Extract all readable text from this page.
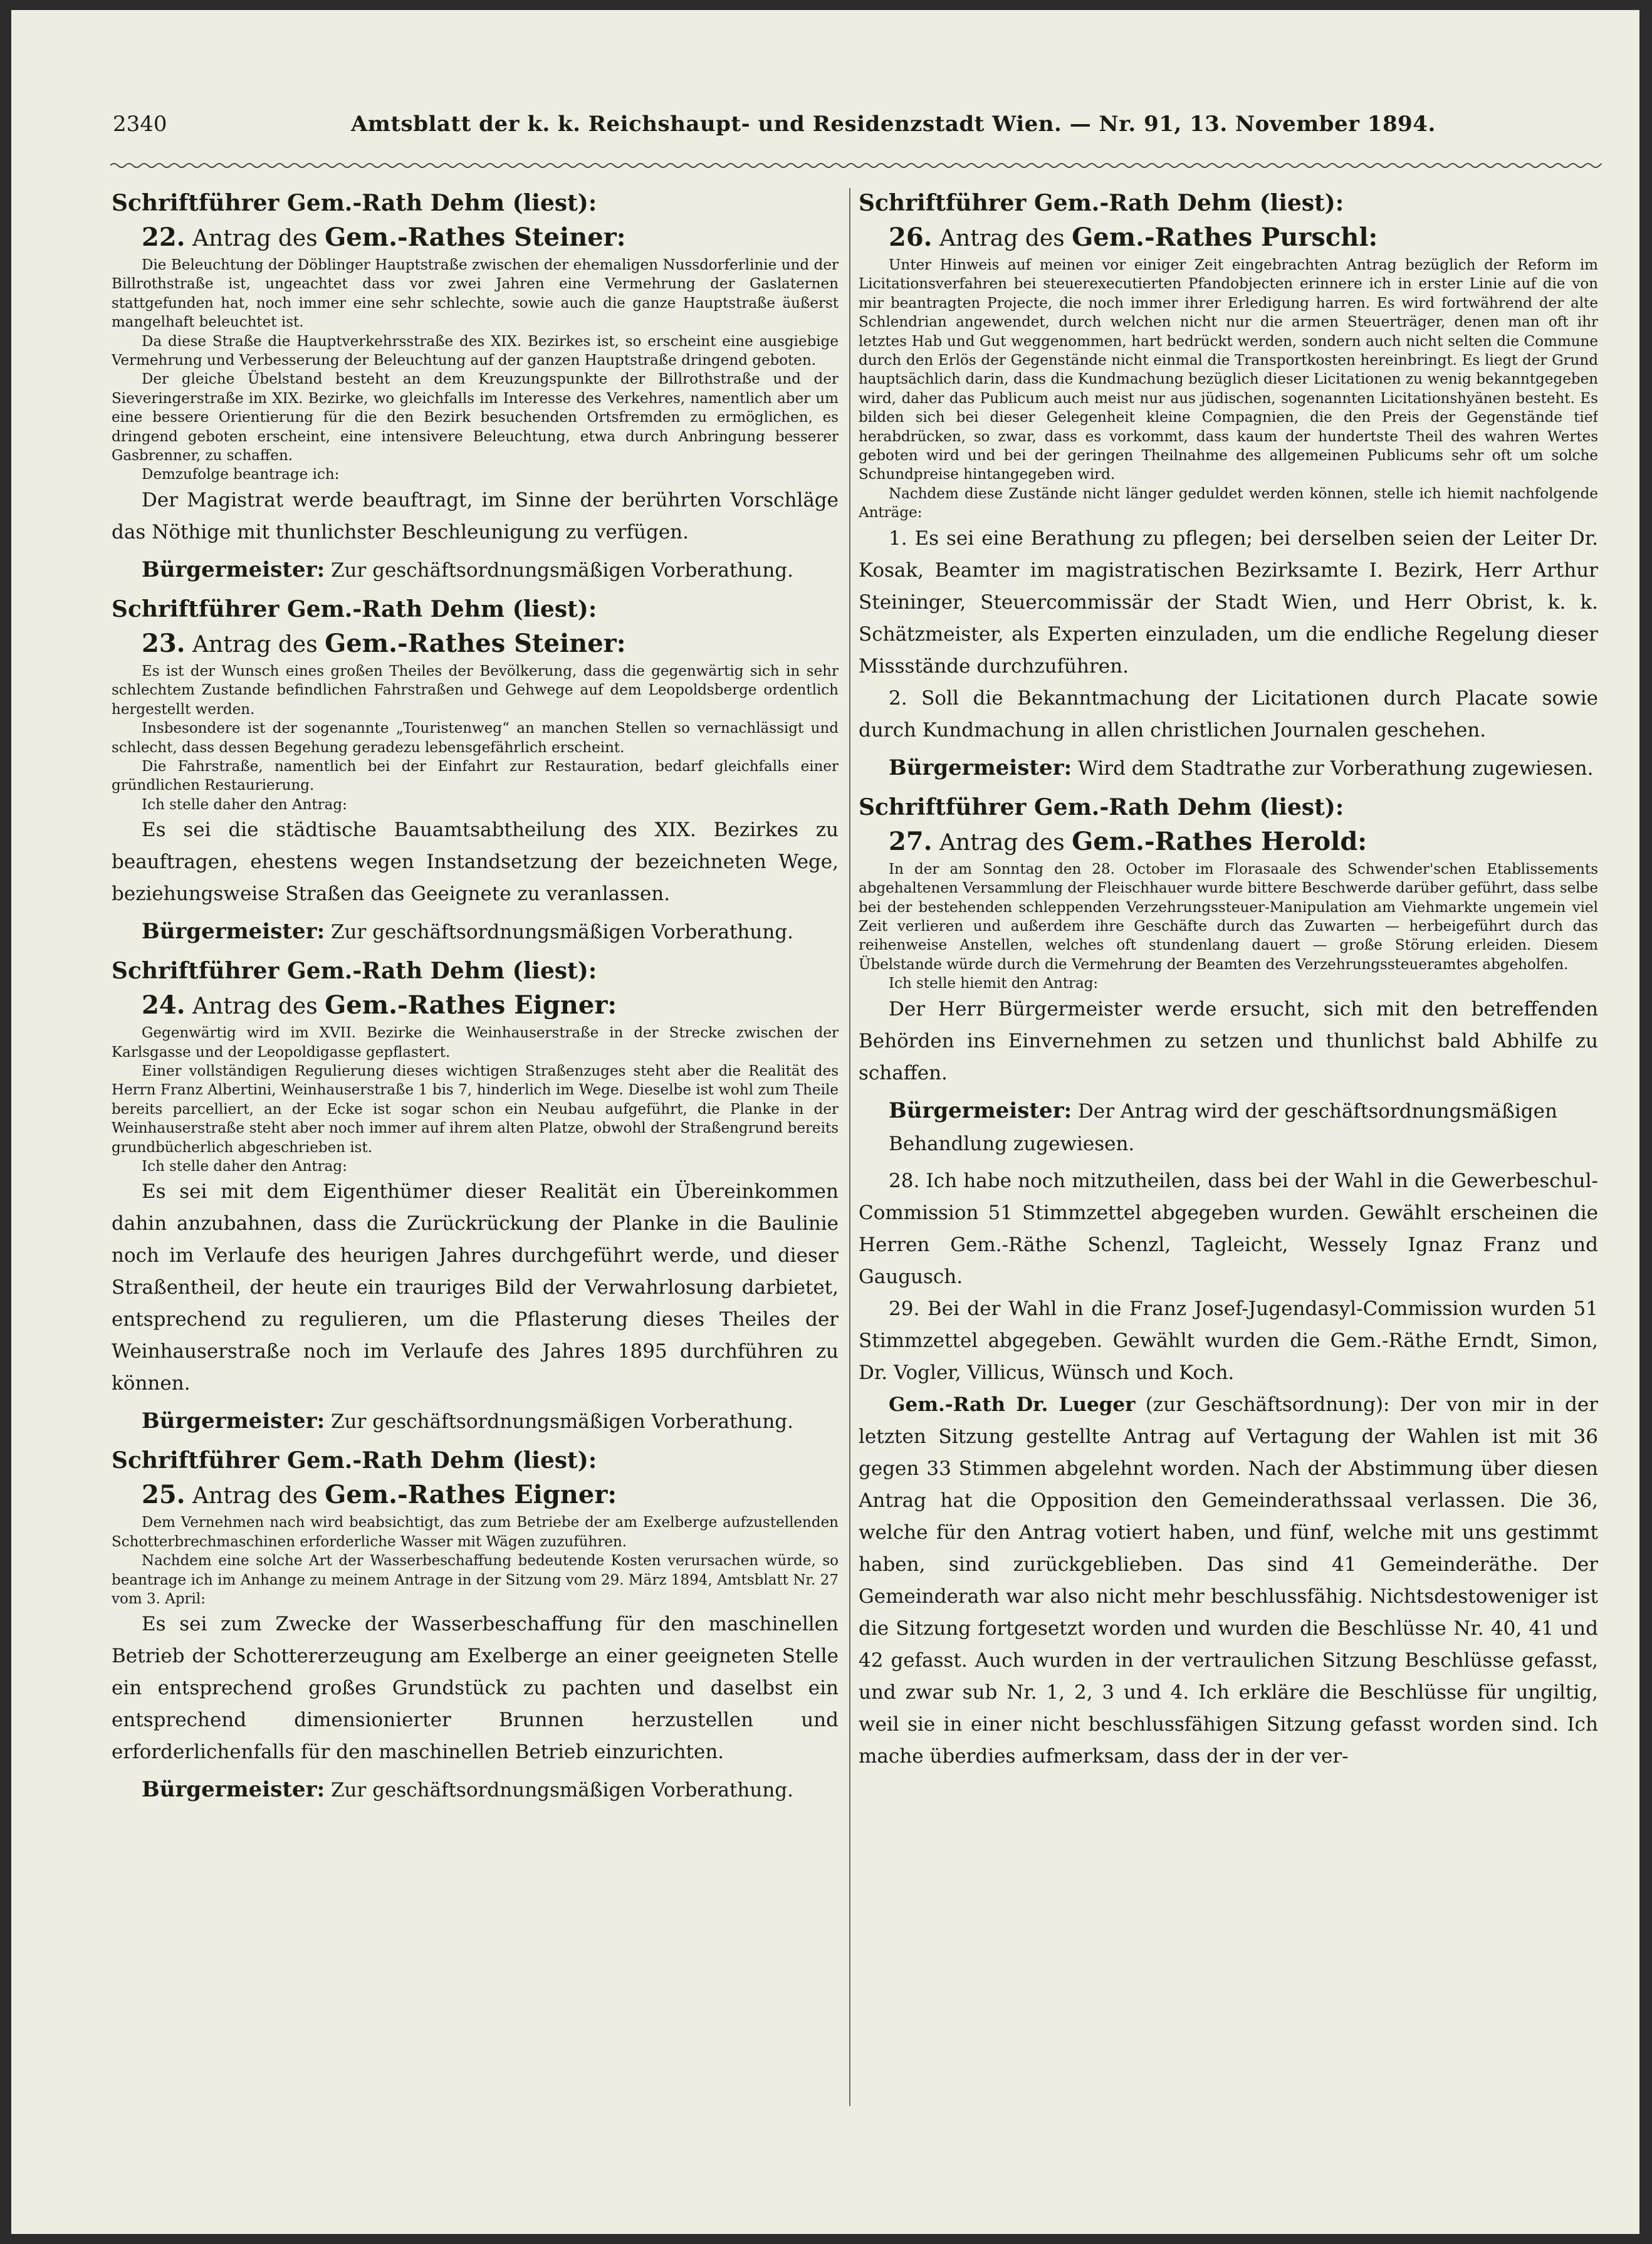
2340	Amtsblatt der k. k. Reichshaupt- und Residenzstadt Wien. — Nr. 91, 13. November 1894.
Schriftführer Gem.-Rath Dehm (liest):
22. Antrag des Gem.-Rathes Steiner:

Die Beleuchtung der Döblinger Hauptstraße zwischen der ehemaligen Nussdorferlinie und der Billrothstraße ist, ungeachtet dass vor zwei Jahren eine Vermehrung der Gaslaternen stattgefunden hat, noch immer eine sehr schlechte, sowie auch die ganze Hauptstraße äußerst mangelhaft beleuchtet ist.

Da diese Straße die Hauptverkehrsstraße des XIX. Bezirkes ist, so erscheint eine ausgiebige Vermehrung und Verbesserung der Beleuchtung auf der ganzen Hauptstraße dringend geboten.

Der gleiche Übelstand besteht an dem Kreuzungspunkte der Billrothstraße und der Sieveringerstraße im XIX. Bezirke, wo gleichfalls im Interesse des Verkehres, namentlich aber um eine bessere Orientierung für die den Bezirk besuchenden Ortsfremden zu ermöglichen, es dringend geboten erscheint, eine intensivere Beleuchtung, etwa durch Anbringung besserer Gasbrenner, zu schaffen.

Demzufolge beantrage ich:

Der Magistrat werde beauftragt, im Sinne der berührten Vorschläge das Nöthige mit thunlichster Beschleunigung zu verfügen.

Bürgermeister: Zur geschäftsordnungsmäßigen Vorberathung.
Schriftführer Gem.-Rath Dehm (liest):
23. Antrag des Gem.-Rathes Steiner:

Es ist der Wunsch eines großen Theiles der Bevölkerung, dass die gegenwärtig sich in sehr schlechtem Zustande befindlichen Fahrstraßen und Gehwege auf dem Leopoldsberge ordentlich hergestellt werden.

Insbesondere ist der sogenannte „Touristenweg“ an manchen Stellen so vernachlässigt und schlecht, dass dessen Begehung geradezu lebensgefährlich erscheint.

Die Fahrstraße, namentlich bei der Einfahrt zur Restauration, bedarf gleichfalls einer gründlichen Restaurierung.

Ich stelle daher den Antrag:

Es sei die städtische Bauamtsabtheilung des XIX. Bezirkes zu beauftragen, ehestens wegen Instandsetzung der bezeichneten Wege, beziehungsweise Straßen das Geeignete zu veranlassen.

Bürgermeister: Zur geschäftsordnungsmäßigen Vorberathung.
Schriftführer Gem.-Rath Dehm (liest):
24. Antrag des Gem.-Rathes Eigner:

Gegenwärtig wird im XVII. Bezirke die Weinhauserstraße in der Strecke zwischen der Karlsgasse und der Leopoldigasse gepflastert.

Einer vollständigen Regulierung dieses wichtigen Straßenzuges steht aber die Realität des Herrn Franz Albertini, Weinhauserstraße 1 bis 7, hinderlich im Wege. Dieselbe ist wohl zum Theile bereits parcelliert, an der Ecke ist sogar schon ein Neubau aufgeführt, die Planke in der Weinhauserstraße steht aber noch immer auf ihrem alten Platze, obwohl der Straßengrund bereits grundbücherlich abgeschrieben ist.

Ich stelle daher den Antrag:

Es sei mit dem Eigenthümer dieser Realität ein Übereinkommen dahin anzubahnen, dass die Zurückrückung der Planke in die Baulinie noch im Verlaufe des heurigen Jahres durchgeführt werde, und dieser Straßentheil, der heute ein trauriges Bild der Verwahrlosung darbietet, entsprechend zu regulieren, um die Pflasterung dieses Theiles der Weinhauserstraße noch im Verlaufe des Jahres 1895 durchführen zu können.

Bürgermeister: Zur geschäftsordnungsmäßigen Vorberathung.
Schriftführer Gem.-Rath Dehm (liest):
25. Antrag des Gem.-Rathes Eigner:

Dem Vernehmen nach wird beabsichtigt, das zum Betriebe der am Exelberge aufzustellenden Schotterbrechmaschinen erforderliche Wasser mit Wägen zuzuführen.

Nachdem eine solche Art der Wasserbeschaffung bedeutende Kosten verursachen würde, so beantrage ich im Anhange zu meinem Antrage in der Sitzung vom 29. März 1894, Amtsblatt Nr. 27 vom 3. April:

Es sei zum Zwecke der Wasserbeschaffung für den maschinellen Betrieb der Schottererzeugung am Exelberge an einer geeigneten Stelle ein entsprechend großes Grundstück zu pachten und daselbst ein entsprechend dimensionierter Brunnen herzustellen und erforderlichenfalls für den maschinellen Betrieb einzurichten.

Bürgermeister: Zur geschäftsordnungsmäßigen Vorberathung.
Schriftführer Gem.-Rath Dehm (liest):
26. Antrag des Gem.-Rathes Purschl:

Unter Hinweis auf meinen vor einiger Zeit eingebrachten Antrag bezüglich der Reform im Licitationsverfahren bei steuerexecutierten Pfandobjecten erinnere ich in erster Linie auf die von mir beantragten Projecte, die noch immer ihrer Erledigung harren. Es wird fortwährend der alte Schlendrian angewendet, durch welchen nicht nur die armen Steuerträger, denen man oft ihr letztes Hab und Gut weggenommen, hart bedrückt werden, sondern auch nicht selten die Commune durch den Erlös der Gegenstände nicht einmal die Transportkosten hereinbringt. Es liegt der Grund hauptsächlich darin, dass die Kundmachung bezüglich dieser Licitationen zu wenig bekanntgegeben wird, daher das Publicum auch meist nur aus jüdischen, sogenannten Licitationshyänen besteht. Es bilden sich bei dieser Gelegenheit kleine Compagnien, die den Preis der Gegenstände tief herabdrücken, so zwar, dass es vorkommt, dass kaum der hundertste Theil des wahren Wertes geboten wird und bei der geringen Theilnahme des allgemeinen Publicums sehr oft um solche Schundpreise hintangegeben wird.

Nachdem diese Zustände nicht länger geduldet werden können, stelle ich hiemit nachfolgende Anträge:

1. Es sei eine Berathung zu pflegen; bei derselben seien der Leiter Dr. Kosak, Beamter im magistratischen Bezirksamte I. Bezirk, Herr Arthur Steininger, Steuercommissär der Stadt Wien, und Herr Obrist, k. k. Schätzmeister, als Experten einzuladen, um die endliche Regelung dieser Missstände durchzuführen.

2. Soll die Bekanntmachung der Licitationen durch Placate sowie durch Kundmachung in allen christlichen Journalen geschehen.

Bürgermeister: Wird dem Stadtrathe zur Vorberathung zugewiesen.
Schriftführer Gem.-Rath Dehm (liest):
27. Antrag des Gem.-Rathes Herold:

In der am Sonntag den 28. October im Florasaale des Schwender'schen Etablissements abgehaltenen Versammlung der Fleischhauer wurde bittere Beschwerde darüber geführt, dass selbe bei der bestehenden schleppenden Verzehrungssteuer-Manipulation am Viehmarkte ungemein viel Zeit verlieren und außerdem ihre Geschäfte durch das Zuwarten — herbeigeführt durch das reihenweise Anstellen, welches oft stundenlang dauert — große Störung erleiden. Diesem Übelstande würde durch die Vermehrung der Beamten des Verzehrungssteueramtes abgeholfen.

Ich stelle hiemit den Antrag:

Der Herr Bürgermeister werde ersucht, sich mit den betreffenden Behörden ins Einvernehmen zu setzen und thunlichst bald Abhilfe zu schaffen.

Bürgermeister: Der Antrag wird der geschäftsordnungsmäßigen Behandlung zugewiesen.

28. Ich habe noch mitzutheilen, dass bei der Wahl in die Gewerbeschul-Commission 51 Stimmzettel abgegeben wurden. Gewählt erscheinen die Herren Gem.-Räthe Schenzl, Tagleicht, Wessely Ignaz Franz und Gaugusch.

29. Bei der Wahl in die Franz Josef-Jugendasyl-Commission wurden 51 Stimmzettel abgegeben. Gewählt wurden die Gem.-Räthe Erndt, Simon, Dr. Vogler, Villicus, Wünsch und Koch.

Gem.-Rath Dr. Lueger (zur Geschäftsordnung): Der von mir in der letzten Sitzung gestellte Antrag auf Vertagung der Wahlen ist mit 36 gegen 33 Stimmen abgelehnt worden. Nach der Abstimmung über diesen Antrag hat die Opposition den Gemeinderathssaal verlassen. Die 36, welche für den Antrag votiert haben, und fünf, welche mit uns gestimmt haben, sind zurückgeblieben. Das sind 41 Gemeinderäthe. Der Gemeinderath war also nicht mehr beschlussfähig. Nichtsdestoweniger ist die Sitzung fortgesetzt worden und wurden die Beschlüsse Nr. 40, 41 und 42 gefasst. Auch wurden in der vertraulichen Sitzung Beschlüsse gefasst, und zwar sub Nr. 1, 2, 3 und 4. Ich erkläre die Beschlüsse für ungiltig, weil sie in einer nicht beschlussfähigen Sitzung gefasst worden sind. Ich mache überdies aufmerksam, dass der in der ver-
